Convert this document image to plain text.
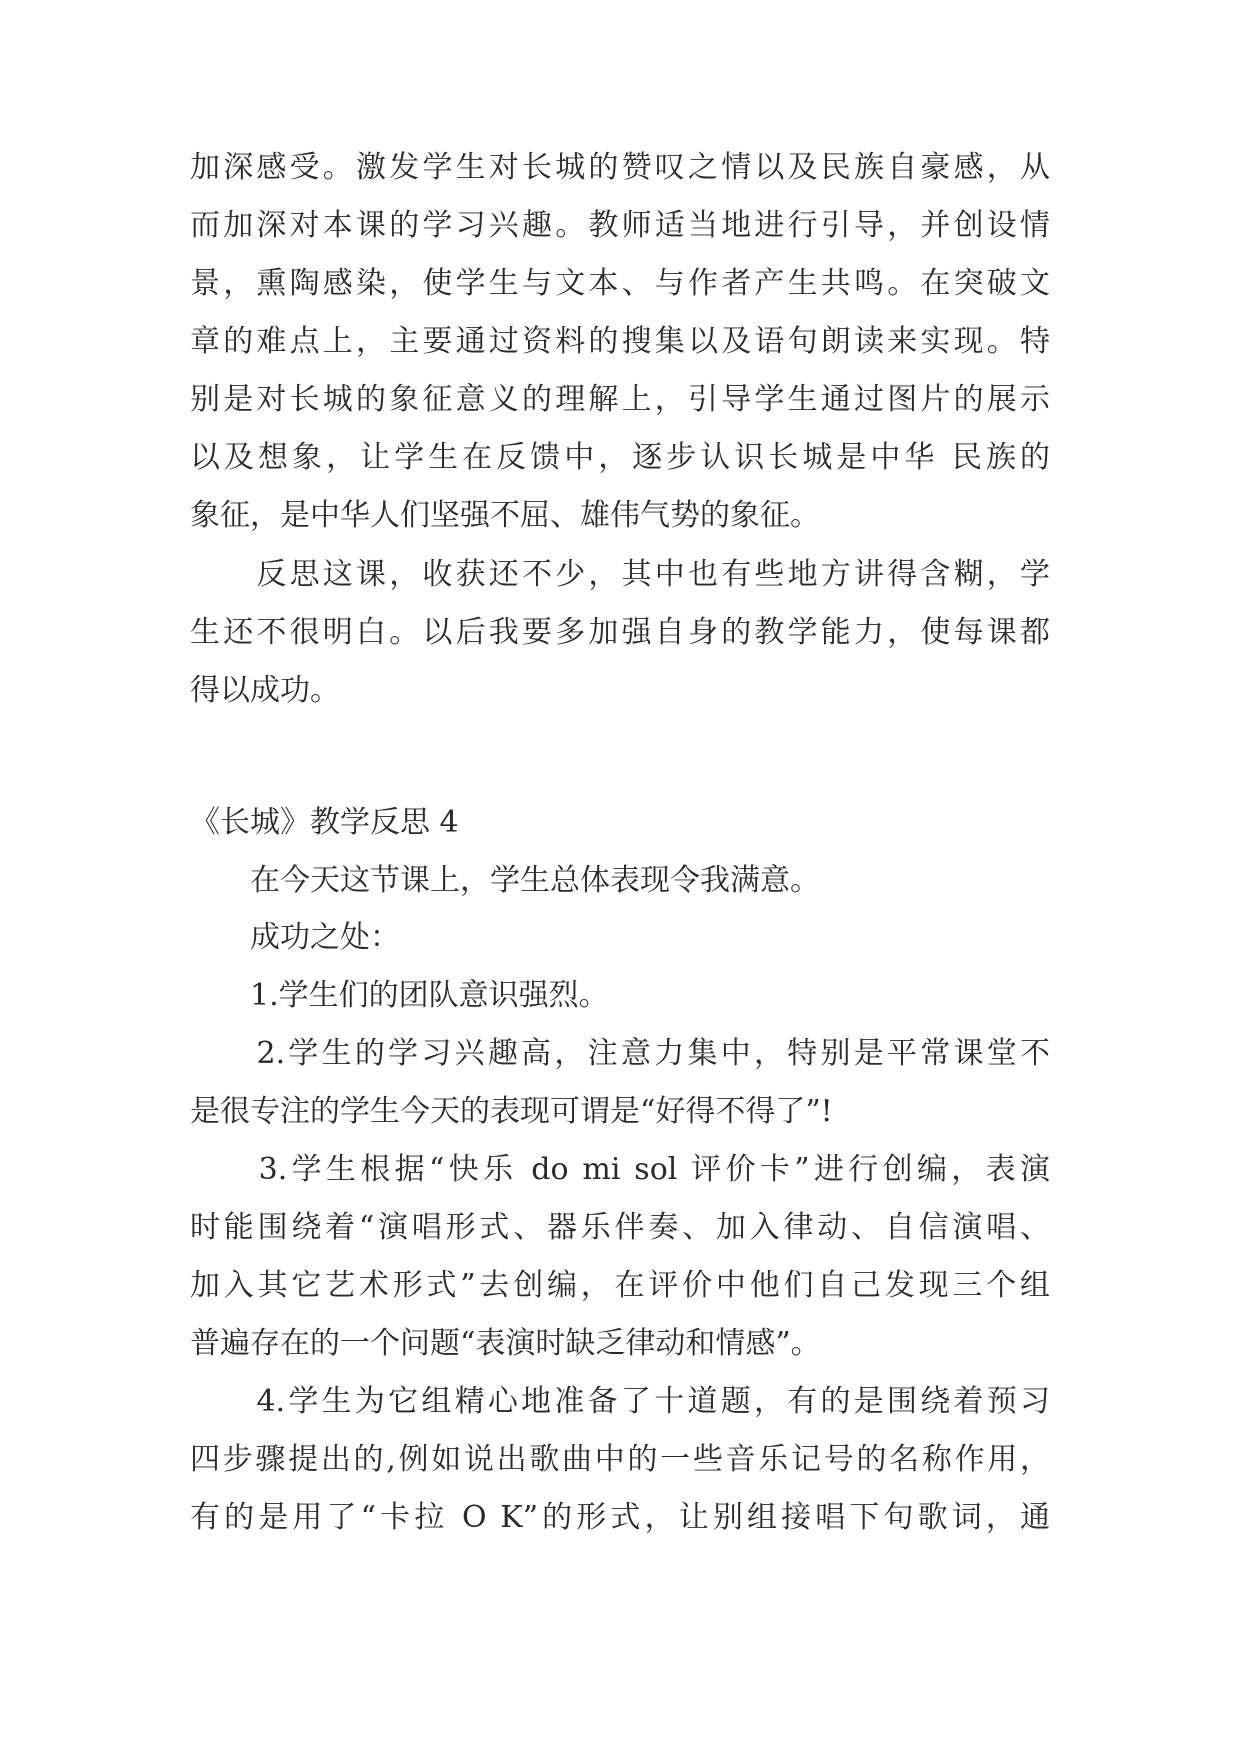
加深感受。激发学生对长城的赞叹之情以及民族自豪感，从
而加深对本课的学习兴趣。教师适当地进行引导，并创设情
景，熏陶感染，使学生与文本、与作者产生共鸣。在突破文
章的难点上，主要通过资料的搜集以及语句朗读来实现。特
别是对长城的象征意义的理解上，引导学生通过图片的展示
以及想象，让学生在反馈中，逐步认识长城是中华 民族的
象征，是中华人们坚强不屈、雄伟气势的象征。
　　反思这课，收获还不少，其中也有些地方讲得含糊，学
生还不很明白。以后我要多加强自身的教学能力，使每课都
得以成功。
《长城》教学反思 4
　　在今天这节课上，学生总体表现令我满意。
　　成功之处：
　　1.学生们的团队意识强烈。
　　2.学生的学习兴趣高，注意力集中，特别是平常课堂不
是很专注的学生今天的表现可谓是“好得不得了”!
　　3.学生根据“快乐 do mi sol 评价卡”进行创编，表演
时能围绕着“演唱形式、器乐伴奏、加入律动、自信演唱、
加入其它艺术形式”去创编，在评价中他们自己发现三个组
普遍存在的一个问题“表演时缺乏律动和情感”。
　　4.学生为它组精心地准备了十道题，有的是围绕着预习
四步骤提出的,例如说出歌曲中的一些音乐记号的名称作用，
有的是用了“卡拉 O K”的形式，让别组接唱下句歌词，通
